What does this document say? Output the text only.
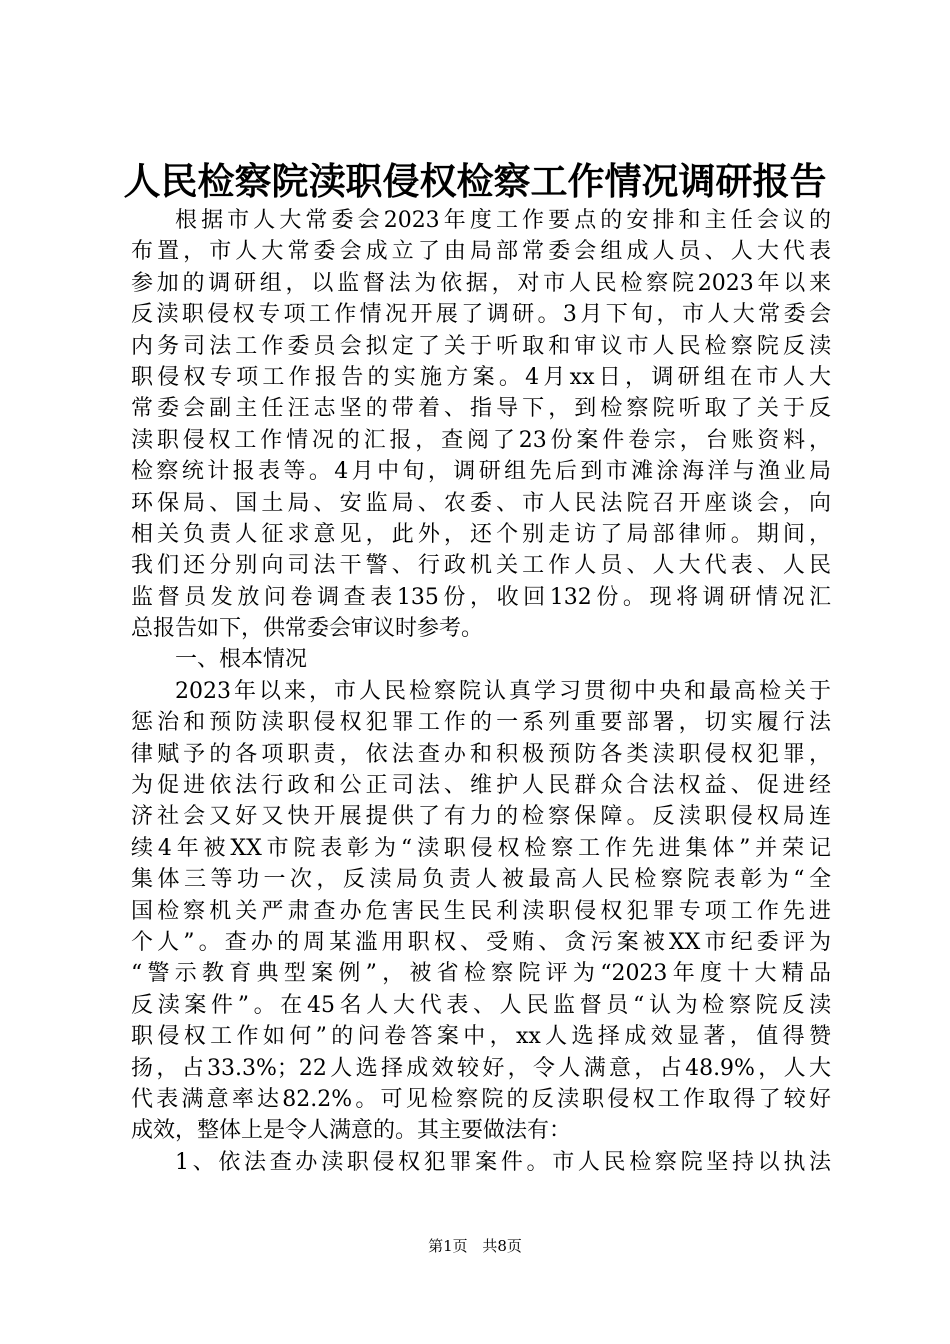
人民检察院渎职侵权检察工作情况调研报告
根据市人大常委会2023年度工作要点的安排和主任会议的
布置，市人大常委会成立了由局部常委会组成人员、人大代表
参加的调研组，以监督法为依据，对市人民检察院2023年以来
反渎职侵权专项工作情况开展了调研。3月下旬，市人大常委会
内务司法工作委员会拟定了关于听取和审议市人民检察院反渎
职侵权专项工作报告的实施方案。4月xx日，调研组在市人大
常委会副主任汪志坚的带着、指导下，到检察院听取了关于反
渎职侵权工作情况的汇报，查阅了23份案件卷宗，台账资料，
检察统计报表等。4月中旬，调研组先后到市滩涂海洋与渔业局
环保局、国土局、安监局、农委、市人民法院召开座谈会，向
相关负责人征求意见，此外，还个别走访了局部律师。期间，
我们还分别向司法干警、行政机关工作人员、人大代表、人民
监督员发放问卷调查表135份，收回132份。现将调研情况汇
总报告如下，供常委会审议时参考。
一、根本情况
2023年以来，市人民检察院认真学习贯彻中央和最高检关于
惩治和预防渎职侵权犯罪工作的一系列重要部署，切实履行法
律赋予的各项职责，依法查办和积极预防各类渎职侵权犯罪，
为促进依法行政和公正司法、维护人民群众合法权益、促进经
济社会又好又快开展提供了有力的检察保障。反渎职侵权局连
续4年被XX市院表彰为“渎职侵权检察工作先进集体”并荣记
集体三等功一次，反渎局负责人被最高人民检察院表彰为“全
国检察机关严肃查办危害民生民利渎职侵权犯罪专项工作先进
个人”。查办的周某滥用职权、受贿、贪污案被XX市纪委评为
“警示教育典型案例”，被省检察院评为“2023年度十大精品
反渎案件”。在45名人大代表、人民监督员“认为检察院反渎
职侵权工作如何”的问卷答案中，xx人选择成效显著，值得赞
扬，占33.3%；22人选择成效较好，令人满意，占48.9%，人大
代表满意率达82.2%。可见检察院的反渎职侵权工作取得了较好
成效，整体上是令人满意的。其主要做法有：
1、依法查办渎职侵权犯罪案件。市人民检察院坚持以执法
第1页 共8页
